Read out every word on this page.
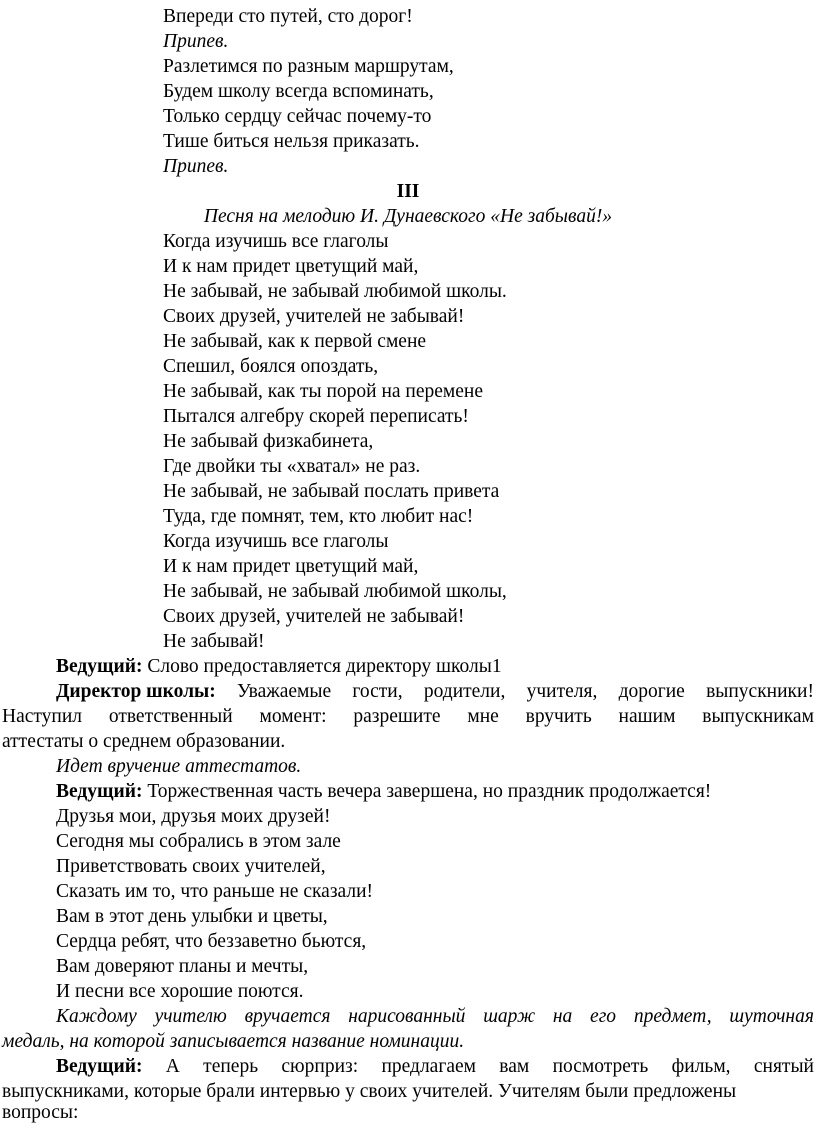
Впереди сто путей, сто дорог!
Припев.
Разлетимся по разным маршрутам,
Будем школу всегда вспоминать,
Только сердцу сейчас почему-то
Тише биться нельзя приказать.
Припев.
III
Песня на мелодию И. Дунаевского «Не забывай!»
Когда изучишь все глаголы
И к нам придет цветущий май,
Не забывай, не забывай любимой школы.
Своих друзей, учителей не забывай!
Не забывай, как к первой смене
Спешил, боялся опоздать,
Не забывай, как ты порой на перемене
Пытался алгебру скорей переписать!
Не забывай физкабинета,
Где двойки ты «хватал» не раз.
Не забывай, не забывай послать привета
Туда, где помнят, тем, кто любит нас!
Когда изучишь все глаголы
И к нам придет цветущий май,
Не забывай, не забывай любимой школы,
Своих друзей, учителей не забывай!
Не забывай!
Ведущий: Слово предоставляется директору школы1
Директор школы: Уважаемые гости, родители, учителя, дорогие выпускники!
Наступил ответственный момент: разрешите мне вручить нашим выпускникам
аттестаты о среднем образовании.
Идет вручение аттестатов.
Ведущий: Торжественная часть вечера завершена, но праздник продолжается!
Друзья мои, друзья моих друзей!
Сегодня мы собрались в этом зале
Приветствовать своих учителей,
Сказать им то, что раньше не сказали!
Вам в этот день улыбки и цветы,
Сердца ребят, что беззаветно бьются,
Вам доверяют планы и мечты,
И песни все хорошие поются.
Каждому учителю вручается нарисованный шарж на его предмет, шуточная
медаль, на которой записывается название номинации.
Ведущий: А теперь сюрприз: предлагаем вам посмотреть фильм, снятый
выпускниками, которые брали интервью у своих учителей. Учителям были предложены
вопросы:
